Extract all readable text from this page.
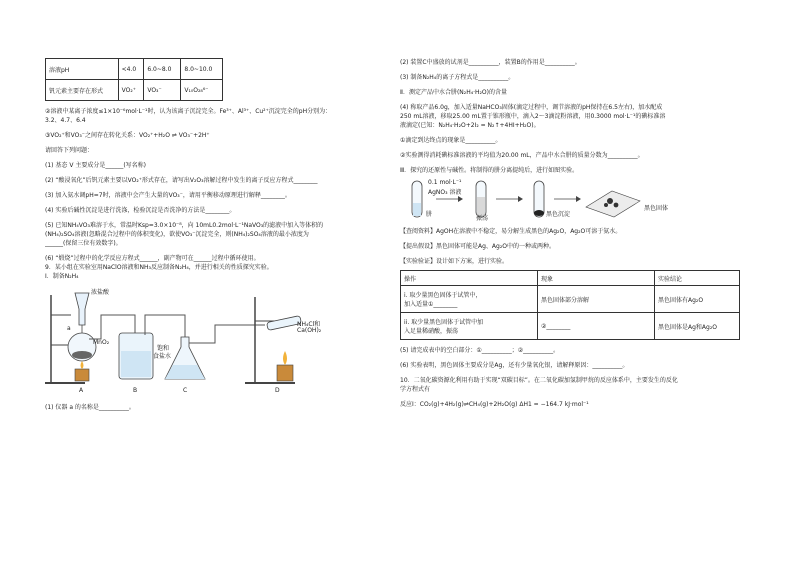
溶液pH	<4.0	6.0~8.0	8.0~10.0
钒元素主要存在形式	VO₂⁺	VO₃⁻	V₁₀O₂₈⁶⁻
②溶液中某离子浓度≤1×10⁻⁶mol·L⁻¹时，认为该离子沉淀完全。Fe³⁺、Al³⁺、Cu²⁺沉淀完全的pH分别为：
3.2、4.7、6.4
③VO₂⁺和VO₃⁻之间存在转化关系：VO₂⁺+H₂O ⇌ VO₃⁻+2H⁺
请回答下列问题：
(1) 基态 V 主要成分是______(写名称)
(2) “酸浸氧化”后钒元素主要以VO₂⁺形式存在，请写出V₂O₃溶解过程中发生的离子反应方程式________
(3) 加入氨水调pH=7时，溶液中会产生大量的VO₃⁻，请用平衡移动原理进行解释________。
(4) 实验后碱性沉淀是进行洗涤，检验沉淀是否洗净的方法是________。
(5) 已知NH₄VO₃难溶于水，常温时Ksp=3.0×10⁻⁸，向 10mL0.2mol·L⁻¹NaVO₃的滤液中加入等体积的
(NH₄)₂SO₄溶液(忽略混合过程中的体积变化)，欲使VO₃⁻沉淀完全，则(NH₄)₂SO₄溶液的最小浓度为
______(保留三位有效数字)。
(6) “煅烧”过程中的化学反应方程式______，副产物可在______过程中循环使用。
9．某小组在实验室用NaClO溶液和NH₃反应制备N₂H₄，并进行相关的性质探究实验。
Ⅰ．制备N₂H₄
浓盐酸
MnO₂
a
饱和
食盐水
NH₄Cl和
Ca(OH)₂
A	B	C	D
(1) 仪器 a 的名称是__________。
(2) 装置C中盛放的试剂是__________，装置B的作用是__________。
(3) 制备N₂H₄的离子方程式是__________。
Ⅱ．测定产品中水合肼(N₂H₄·H₂O)的含量
(4) 称取产品6.0g，加入适量NaHCO₃固体(滴定过程中，调节溶液的pH保持在6.5左右)，加水配成
250 mL溶液，移取25.00 mL置于锥形瓶中，滴入2～3滴淀粉溶液，用0.3000 mol·L⁻¹的碘标准溶
液滴定(已知：N₂H₄·H₂O+2I₂ = N₂↑+4HI+H₂O)。
①滴定到达终点的现象是__________。
②实验测得消耗碘标准溶液的平均值为20.00 mL，产品中水合肼的质量分数为__________。
Ⅲ．探究的还原性与碱性。将制得的肼分离提纯后，进行如图实验。
0.1 mol·L⁻¹
AgNO₃ 溶液
肼
振荡
黑色沉淀
黑色固体
【查阅资料】AgOH在溶液中不稳定，易分解生成黑色的Ag₂O，Ag₂O可溶于氨水。
【提出假设】黑色固体可能是Ag、Ag₂O中的一种或两种。
【实验验证】设计如下方案，进行实验。
操作	现象	实验结论

i. 取少量黑色固体于试管中，
加入适量①________	黑色固体部分溶解	黑色固体有Ag₂O

ii. 取少量黑色固体于试管中加
入足量稀硝酸，振荡	②________	黑色固体是Ag和Ag₂O
(5) 请完成表中的空白部分：①__________；②__________。
(6) 实验表明，黑色固体主要成分是Ag，还有少量氧化银，请解释原因：__________。
10．二氧化碳资源化利用有助于实现“双碳目标”。在二氧化碳加氢制甲烷的反应体系中，主要发生的反化
学方程式有
反应Ⅰ：CO₂(g)+4H₂(g)⇌CH₄(g)+2H₂O(g) ΔH1 = −164.7 kJ·mol⁻¹
